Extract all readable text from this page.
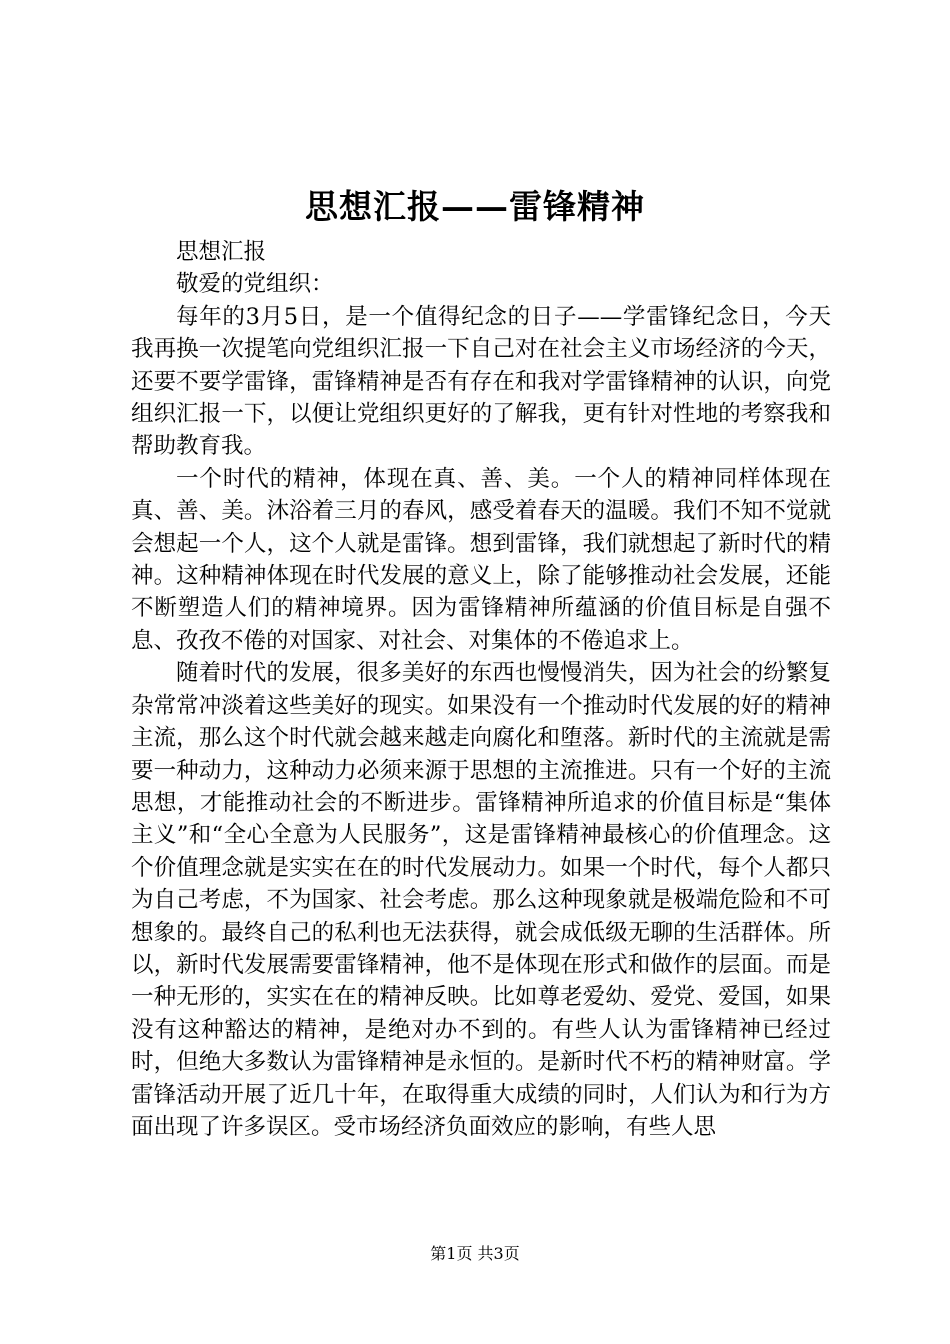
思想汇报——雷锋精神

思想汇报

敬爱的党组织：

每年的3月5日，是一个值得纪念的日子——学雷锋纪念日，今天我再换一次提笔向党组织汇报一下自己对在社会主义市场经济的今天，还要不要学雷锋，雷锋精神是否有存在和我对学雷锋精神的认识，向党组织汇报一下，以便让党组织更好的了解我，更有针对性地的考察我和帮助教育我。

一个时代的精神，体现在真、善、美。一个人的精神同样体现在真、善、美。沐浴着三月的春风，感受着春天的温暖。我们不知不觉就会想起一个人，这个人就是雷锋。想到雷锋，我们就想起了新时代的精神。这种精神体现在时代发展的意义上，除了能够推动社会发展，还能不断塑造人们的精神境界。因为雷锋精神所蕴涵的价值目标是自强不息、孜孜不倦的对国家、对社会、对集体的不倦追求上。

随着时代的发展，很多美好的东西也慢慢消失，因为社会的纷繁复杂常常冲淡着这些美好的现实。如果没有一个推动时代发展的好的精神主流，那么这个时代就会越来越走向腐化和堕落。新时代的主流就是需要一种动力，这种动力必须来源于思想的主流推进。只有一个好的主流思想，才能推动社会的不断进步。雷锋精神所追求的价值目标是“集体主义”和“全心全意为人民服务”，这是雷锋精神最核心的价值理念。这个价值理念就是实实在在的时代发展动力。如果一个时代，每个人都只为自己考虑，不为国家、社会考虑。那么这种现象就是极端危险和不可想象的。最终自己的私利也无法获得，就会成低级无聊的生活群体。所以，新时代发展需要雷锋精神，他不是体现在形式和做作的层面。而是一种无形的，实实在在的精神反映。比如尊老爱幼、爱党、爱国，如果没有这种豁达的精神，是绝对办不到的。有些人认为雷锋精神已经过时，但绝大多数认为雷锋精神是永恒的。是新时代不朽的精神财富。学雷锋活动开展了近几十年，在取得重大成绩的同时，人们认为和行为方面出现了许多误区。受市场经济负面效应的影响，有些人思

第1页 共3页
